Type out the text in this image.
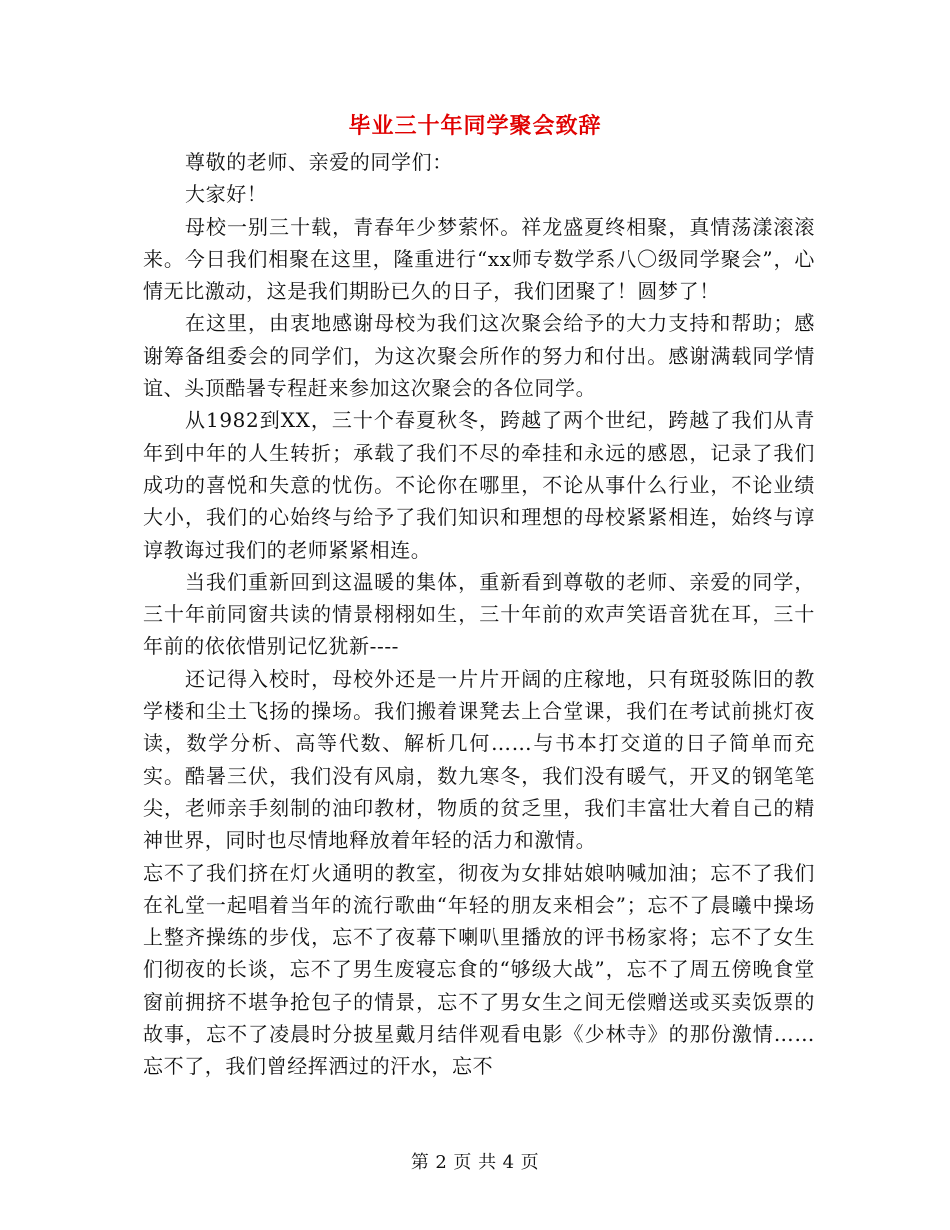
毕业三十年同学聚会致辞

尊敬的老师、亲爱的同学们：

大家好！

母校一别三十载，青春年少梦萦怀。祥龙盛夏终相聚，真情荡漾滚滚来。今日我们相聚在这里，隆重进行“xx师专数学系八〇级同学聚会”，心情无比激动，这是我们期盼已久的日子，我们团聚了！圆梦了！

在这里，由衷地感谢母校为我们这次聚会给予的大力支持和帮助；感谢筹备组委会的同学们，为这次聚会所作的努力和付出。感谢满载同学情谊、头顶酷暑专程赶来参加这次聚会的各位同学。

从1982到XX，三十个春夏秋冬，跨越了两个世纪，跨越了我们从青年到中年的人生转折；承载了我们不尽的牵挂和永远的感恩，记录了我们成功的喜悦和失意的忧伤。不论你在哪里，不论从事什么行业，不论业绩大小，我们的心始终与给予了我们知识和理想的母校紧紧相连，始终与谆谆教诲过我们的老师紧紧相连。

当我们重新回到这温暖的集体，重新看到尊敬的老师、亲爱的同学，三十年前同窗共读的情景栩栩如生，三十年前的欢声笑语音犹在耳，三十年前的依依惜别记忆犹新----

还记得入校时，母校外还是一片片开阔的庄稼地，只有斑驳陈旧的教学楼和尘土飞扬的操场。我们搬着课凳去上合堂课，我们在考试前挑灯夜读，数学分析、高等代数、解析几何……与书本打交道的日子简单而充实。酷暑三伏，我们没有风扇，数九寒冬，我们没有暖气，开叉的钢笔笔尖，老师亲手刻制的油印教材，物质的贫乏里，我们丰富壮大着自己的精神世界，同时也尽情地释放着年轻的活力和激情。

忘不了我们挤在灯火通明的教室，彻夜为女排姑娘呐喊加油；忘不了我们在礼堂一起唱着当年的流行歌曲“年轻的朋友来相会”；忘不了晨曦中操场上整齐操练的步伐，忘不了夜幕下喇叭里播放的评书杨家将；忘不了女生们彻夜的长谈，忘不了男生废寝忘食的“够级大战”，忘不了周五傍晚食堂窗前拥挤不堪争抢包子的情景，忘不了男女生之间无偿赠送或买卖饭票的故事，忘不了凌晨时分披星戴月结伴观看电影《少林寺》的那份激情……忘不了，我们曾经挥洒过的汗水，忘不

第 2 页 共 4 页
